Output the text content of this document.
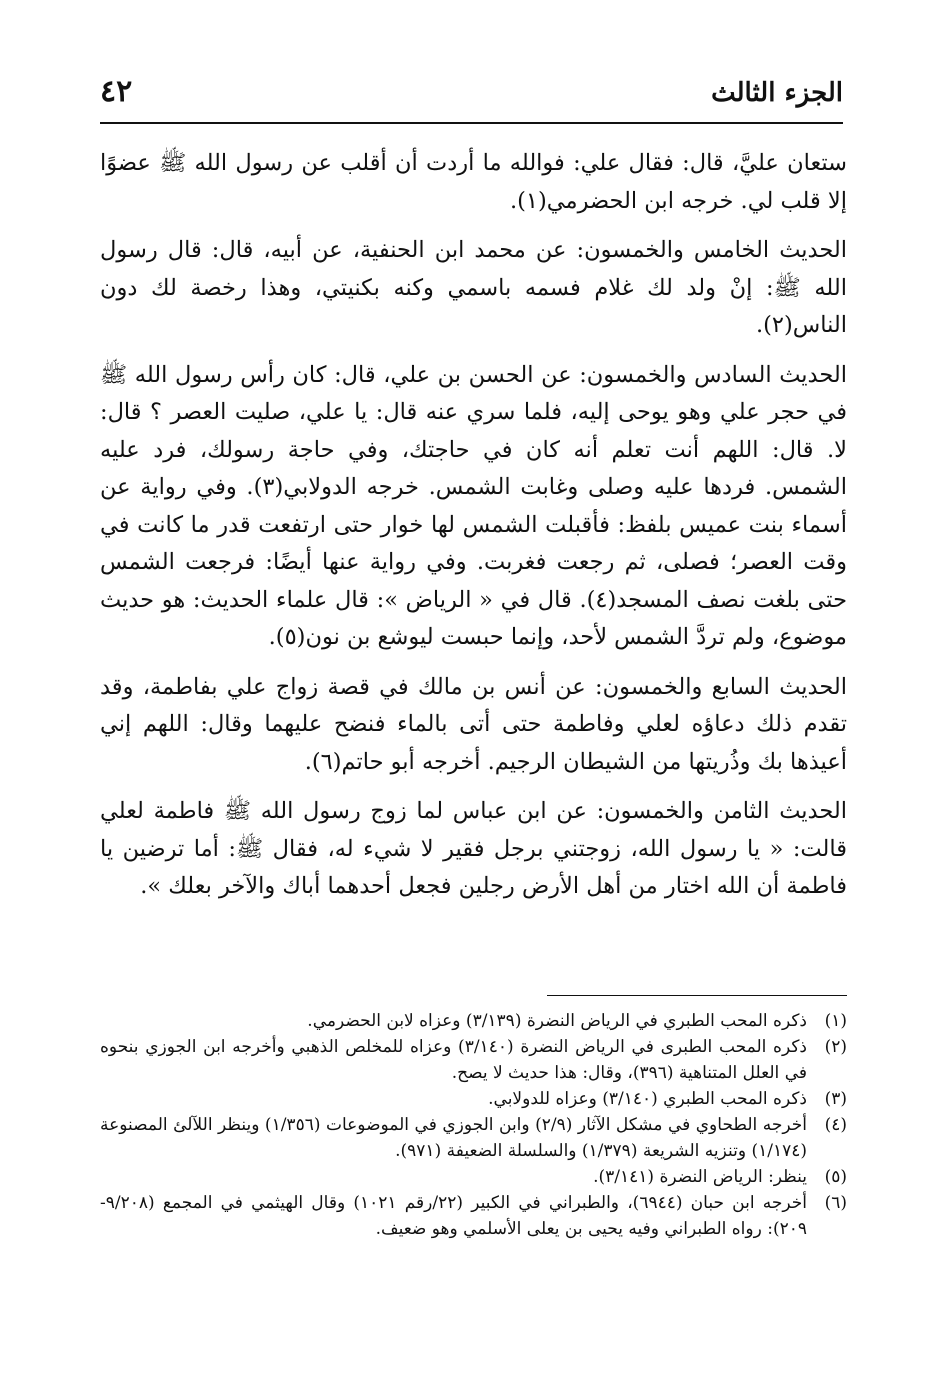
٤٢	الجزء الثالث

ستعان عليَّ، قال: فقال علي: فوالله ما أردت أن أقلب عن رسول الله ﷺ عضوًا إلا قلب لي. خرجه ابن الحضرمي(١).

الحديث الخامس والخمسون: عن محمد ابن الحنفية، عن أبيه، قال: قال رسول الله ﷺ: إنْ ولد لك غلام فسمه باسمي وكنه بكنيتي، وهذا رخصة لك دون الناس(٢).

الحديث السادس والخمسون: عن الحسن بن علي، قال: كان رأس رسول الله ﷺ في حجر علي وهو يوحى إليه، فلما سري عنه قال: يا علي، صليت العصر ؟ قال: لا. قال: اللهم أنت تعلم أنه كان في حاجتك، وفي حاجة رسولك، فرد عليه الشمس. فردها عليه وصلى وغابت الشمس. خرجه الدولابي(٣). وفي رواية عن أسماء بنت عميس بلفظ: فأقبلت الشمس لها خوار حتى ارتفعت قدر ما كانت في وقت العصر؛ فصلى، ثم رجعت فغربت. وفي رواية عنها أيضًا: فرجعت الشمس حتى بلغت نصف المسجد(٤). قال في « الرياض »: قال علماء الحديث: هو حديث موضوع، ولم تردَّ الشمس لأحد، وإنما حبست ليوشع بن نون(٥).

الحديث السابع والخمسون: عن أنس بن مالك في قصة زواج علي بفاطمة، وقد تقدم ذلك دعاؤه لعلي وفاطمة حتى أتى بالماء فنضح عليهما وقال: اللهم إني أعيذها بك وذُريتها من الشيطان الرجيم. أخرجه أبو حاتم(٦).

الحديث الثامن والخمسون: عن ابن عباس لما زوج رسول الله ﷺ فاطمة لعلي قالت: « يا رسول الله، زوجتني برجل فقير لا شيء له، فقال ﷺ: أما ترضين يا فاطمة أن الله اختار من أهل الأرض رجلين فجعل أحدهما أباك والآخر بعلك ».

(١)
ذكره المحب الطبري في الرياض النضرة (٣/١٣٩) وعزاه لابن الحضرمي.
(٢)
ذكره المحب الطبرى في الرياض النضرة (٣/١٤٠) وعزاه للمخلص الذهبي وأخرجه ابن الجوزي بنحوه في العلل المتناهية (٣٩٦)، وقال: هذا حديث لا يصح.
(٣)
ذكره المحب الطبري (٣/١٤٠) وعزاه للدولابي.
(٤)
أخرجه الطحاوي في مشكل الآثار (٢/٩) وابن الجوزي في الموضوعات (١/٣٥٦) وينظر اللآلئ المصنوعة (١/١٧٤) وتنزيه الشريعة (١/٣٧٩) والسلسلة الضعيفة (٩٧١).
(٥)
ينظر: الرياض النضرة (٣/١٤١).
(٦)
أخرجه ابن حبان (٦٩٤٤)، والطبراني في الكبير (٢٢/رقم ١٠٢١) وقال الهيثمي في المجمع (٩/٢٠٨- ٢٠٩): رواه الطبراني وفيه يحيى بن يعلى الأسلمي وهو ضعيف.
